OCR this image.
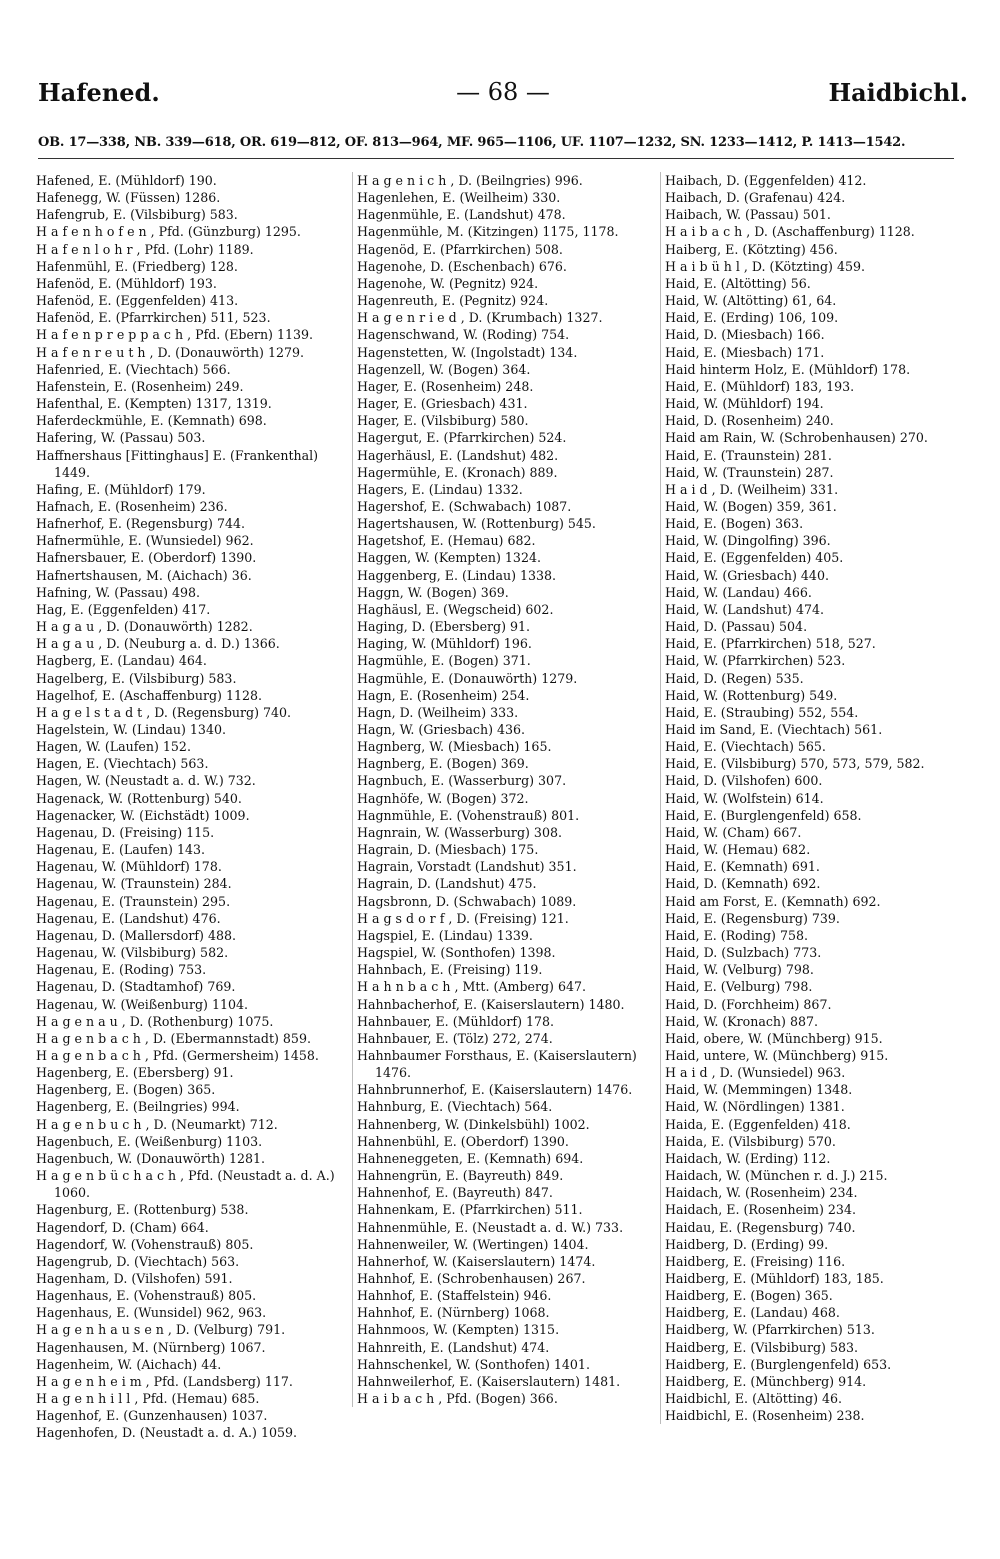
Hafened.	— 68 —	Haidbichl.
OB. 17—338, NB. 339—618, OR. 619—812, OF. 813—964, MF. 965—1106, UF. 1107—1232, SN. 1233—1412, P. 1413—1542.
Hafened, E. (Mühldorf) 190.
Hafenegg, W. (Füssen) 1286.
Hafengrub, E. (Vilsbiburg) 583.
H a f e n h o f e n , Pfd. (Günzburg) 1295.
H a f e n l o h r , Pfd. (Lohr) 1189.
Hafenmühl, E. (Friedberg) 128.
Hafenöd, E. (Mühldorf) 193.
Hafenöd, E. (Eggenfelden) 413.
Hafenöd, E. (Pfarrkirchen) 511, 523.
H a f e n p r e p p a c h , Pfd. (Ebern) 1139.
H a f e n r e u t h , D. (Donauwörth) 1279.
Hafenried, E. (Viechtach) 566.
Hafenstein, E. (Rosenheim) 249.
Hafenthal, E. (Kempten) 1317, 1319.
Haferdeckmühle, E. (Kemnath) 698.
Hafering, W. (Passau) 503.
Haffnershaus [Fittinghaus] E. (Frankenthal) 1449.
Hafing, E. (Mühldorf) 179.
Hafnach, E. (Rosenheim) 236.
Hafnerhof, E. (Regensburg) 744.
Hafnermühle, E. (Wunsiedel) 962.
Hafnersbauer, E. (Oberdorf) 1390.
Hafnertshausen, M. (Aichach) 36.
Hafning, W. (Passau) 498.
Hag, E. (Eggenfelden) 417.
H a g a u , D. (Donauwörth) 1282.
H a g a u , D. (Neuburg a. d. D.) 1366.
Hagberg, E. (Landau) 464.
Hagelberg, E. (Vilsbiburg) 583.
Hagelhof, E. (Aschaffenburg) 1128.
H a g e l s t a d t , D. (Regensburg) 740.
Hagelstein, W. (Lindau) 1340.
Hagen, W. (Laufen) 152.
Hagen, E. (Viechtach) 563.
Hagen, W. (Neustadt a. d. W.) 732.
Hagenack, W. (Rottenburg) 540.
Hagenacker, W. (Eichstädt) 1009.
Hagenau, D. (Freising) 115.
Hagenau, E. (Laufen) 143.
Hagenau, W. (Mühldorf) 178.
Hagenau, W. (Traunstein) 284.
Hagenau, E. (Traunstein) 295.
Hagenau, E. (Landshut) 476.
Hagenau, D. (Mallersdorf) 488.
Hagenau, W. (Vilsbiburg) 582.
Hagenau, E. (Roding) 753.
Hagenau, D. (Stadtamhof) 769.
Hagenau, W. (Weißenburg) 1104.
H a g e n a u , D. (Rothenburg) 1075.
H a g e n b a c h , D. (Ebermannstadt) 859.
H a g e n b a c h , Pfd. (Germersheim) 1458.
Hagenberg, E. (Ebersberg) 91.
Hagenberg, E. (Bogen) 365.
Hagenberg, E. (Beilngries) 994.
H a g e n b u c h , D. (Neumarkt) 712.
Hagenbuch, E. (Weißenburg) 1103.
Hagenbuch, W. (Donauwörth) 1281.
H a g e n b ü c h a c h , Pfd. (Neustadt a. d. A.) 1060.
Hagenburg, E. (Rottenburg) 538.
Hagendorf, D. (Cham) 664.
Hagendorf, W. (Vohenstrauß) 805.
Hagengrub, D. (Viechtach) 563.
Hagenham, D. (Vilshofen) 591.
Hagenhaus, E. (Vohenstrauß) 805.
Hagenhaus, E. (Wunsidel) 962, 963.
H a g e n h a u s e n , D. (Velburg) 791.
Hagenhausen, M. (Nürnberg) 1067.
Hagenheim, W. (Aichach) 44.
H a g e n h e i m , Pfd. (Landsberg) 117.
H a g e n h i l l , Pfd. (Hemau) 685.
Hagenhof, E. (Gunzenhausen) 1037.
Hagenhofen, D. (Neustadt a. d. A.) 1059.
H a g e n i c h , D. (Beilngries) 996.
Hagenlehen, E. (Weilheim) 330.
Hagenmühle, E. (Landshut) 478.
Hagenmühle, M. (Kitzingen) 1175, 1178.
Hagenöd, E. (Pfarrkirchen) 508.
Hagenohe, D. (Eschenbach) 676.
Hagenohe, W. (Pegnitz) 924.
Hagenreuth, E. (Pegnitz) 924.
H a g e n r i e d , D. (Krumbach) 1327.
Hagenschwand, W. (Roding) 754.
Hagenstetten, W. (Ingolstadt) 134.
Hagenzell, W. (Bogen) 364.
Hager, E. (Rosenheim) 248.
Hager, E. (Griesbach) 431.
Hager, E. (Vilsbiburg) 580.
Hagergut, E. (Pfarrkirchen) 524.
Hagerhäusl, E. (Landshut) 482.
Hagermühle, E. (Kronach) 889.
Hagers, E. (Lindau) 1332.
Hagershof, E. (Schwabach) 1087.
Hagertshausen, W. (Rottenburg) 545.
Hagetshof, E. (Hemau) 682.
Haggen, W. (Kempten) 1324.
Haggenberg, E. (Lindau) 1338.
Haggn, W. (Bogen) 369.
Haghäusl, E. (Wegscheid) 602.
Haging, D. (Ebersberg) 91.
Haging, W. (Mühldorf) 196.
Hagmühle, E. (Bogen) 371.
Hagmühle, E. (Donauwörth) 1279.
Hagn, E. (Rosenheim) 254.
Hagn, D. (Weilheim) 333.
Hagn, W. (Griesbach) 436.
Hagnberg, W. (Miesbach) 165.
Hagnberg, E. (Bogen) 369.
Hagnbuch, E. (Wasserburg) 307.
Hagnhöfe, W. (Bogen) 372.
Hagnmühle, E. (Vohenstrauß) 801.
Hagnrain, W. (Wasserburg) 308.
Hagrain, D. (Miesbach) 175.
Hagrain, Vorstadt (Landshut) 351.
Hagrain, D. (Landshut) 475.
Hagsbronn, D. (Schwabach) 1089.
H a g s d o r f , D. (Freising) 121.
Hagspiel, E. (Lindau) 1339.
Hagspiel, W. (Sonthofen) 1398.
Hahnbach, E. (Freising) 119.
H a h n b a c h , Mtt. (Amberg) 647.
Hahnbacherhof, E. (Kaiserslautern) 1480.
Hahnbauer, E. (Mühldorf) 178.
Hahnbauer, E. (Tölz) 272, 274.
Hahnbaumer Forsthaus, E. (Kaiserslautern) 1476.
Hahnbrunnerhof, E. (Kaiserslautern) 1476.
Hahnburg, E. (Viechtach) 564.
Hahnenberg, W. (Dinkelsbühl) 1002.
Hahnenbühl, E. (Oberdorf) 1390.
Hahneneggeten, E. (Kemnath) 694.
Hahnengrün, E. (Bayreuth) 849.
Hahnenhof, E. (Bayreuth) 847.
Hahnenkam, E. (Pfarrkirchen) 511.
Hahnenmühle, E. (Neustadt a. d. W.) 733.
Hahnenweiler, W. (Wertingen) 1404.
Hahnerhof, W. (Kaiserslautern) 1474.
Hahnhof, E. (Schrobenhausen) 267.
Hahnhof, E. (Staffelstein) 946.
Hahnhof, E. (Nürnberg) 1068.
Hahnmoos, W. (Kempten) 1315.
Hahnreith, E. (Landshut) 474.
Hahnschenkel, W. (Sonthofen) 1401.
Hahnweilerhof, E. (Kaiserslautern) 1481.
H a i b a c h , Pfd. (Bogen) 366.
Haibach, D. (Eggenfelden) 412.
Haibach, D. (Grafenau) 424.
Haibach, W. (Passau) 501.
H a i b a c h , D. (Aschaffenburg) 1128.
Haiberg, E. (Kötzting) 456.
H a i b ü h l , D. (Kötzting) 459.
Haid, E. (Altötting) 56.
Haid, W. (Altötting) 61, 64.
Haid, E. (Erding) 106, 109.
Haid, D. (Miesbach) 166.
Haid, E. (Miesbach) 171.
Haid hinterm Holz, E. (Mühldorf) 178.
Haid, E. (Mühldorf) 183, 193.
Haid, W. (Mühldorf) 194.
Haid, D. (Rosenheim) 240.
Haid am Rain, W. (Schrobenhausen) 270.
Haid, E. (Traunstein) 281.
Haid, W. (Traunstein) 287.
H a i d , D. (Weilheim) 331.
Haid, W. (Bogen) 359, 361.
Haid, E. (Bogen) 363.
Haid, W. (Dingolfing) 396.
Haid, E. (Eggenfelden) 405.
Haid, W. (Griesbach) 440.
Haid, W. (Landau) 466.
Haid, W. (Landshut) 474.
Haid, D. (Passau) 504.
Haid, E. (Pfarrkirchen) 518, 527.
Haid, W. (Pfarrkirchen) 523.
Haid, D. (Regen) 535.
Haid, W. (Rottenburg) 549.
Haid, E. (Straubing) 552, 554.
Haid im Sand, E. (Viechtach) 561.
Haid, E. (Viechtach) 565.
Haid, E. (Vilsbiburg) 570, 573, 579, 582.
Haid, D. (Vilshofen) 600.
Haid, W. (Wolfstein) 614.
Haid, E. (Burglengenfeld) 658.
Haid, W. (Cham) 667.
Haid, W. (Hemau) 682.
Haid, E. (Kemnath) 691.
Haid, D. (Kemnath) 692.
Haid am Forst, E. (Kemnath) 692.
Haid, E. (Regensburg) 739.
Haid, E. (Roding) 758.
Haid, D. (Sulzbach) 773.
Haid, W. (Velburg) 798.
Haid, E. (Velburg) 798.
Haid, D. (Forchheim) 867.
Haid, W. (Kronach) 887.
Haid, obere, W. (Münchberg) 915.
Haid, untere, W. (Münchberg) 915.
H a i d , D. (Wunsiedel) 963.
Haid, W. (Memmingen) 1348.
Haid, W. (Nördlingen) 1381.
Haida, E. (Eggenfelden) 418.
Haida, E. (Vilsbiburg) 570.
Haidach, W. (Erding) 112.
Haidach, W. (München r. d. J.) 215.
Haidach, W. (Rosenheim) 234.
Haidach, E. (Rosenheim) 234.
Haidau, E. (Regensburg) 740.
Haidberg, D. (Erding) 99.
Haidberg, E. (Freising) 116.
Haidberg, E. (Mühldorf) 183, 185.
Haidberg, E. (Bogen) 365.
Haidberg, E. (Landau) 468.
Haidberg, W. (Pfarrkirchen) 513.
Haidberg, E. (Vilsbiburg) 583.
Haidberg, E. (Burglengenfeld) 653.
Haidberg, E. (Münchberg) 914.
Haidbichl, E. (Altötting) 46.
Haidbichl, E. (Rosenheim) 238.
